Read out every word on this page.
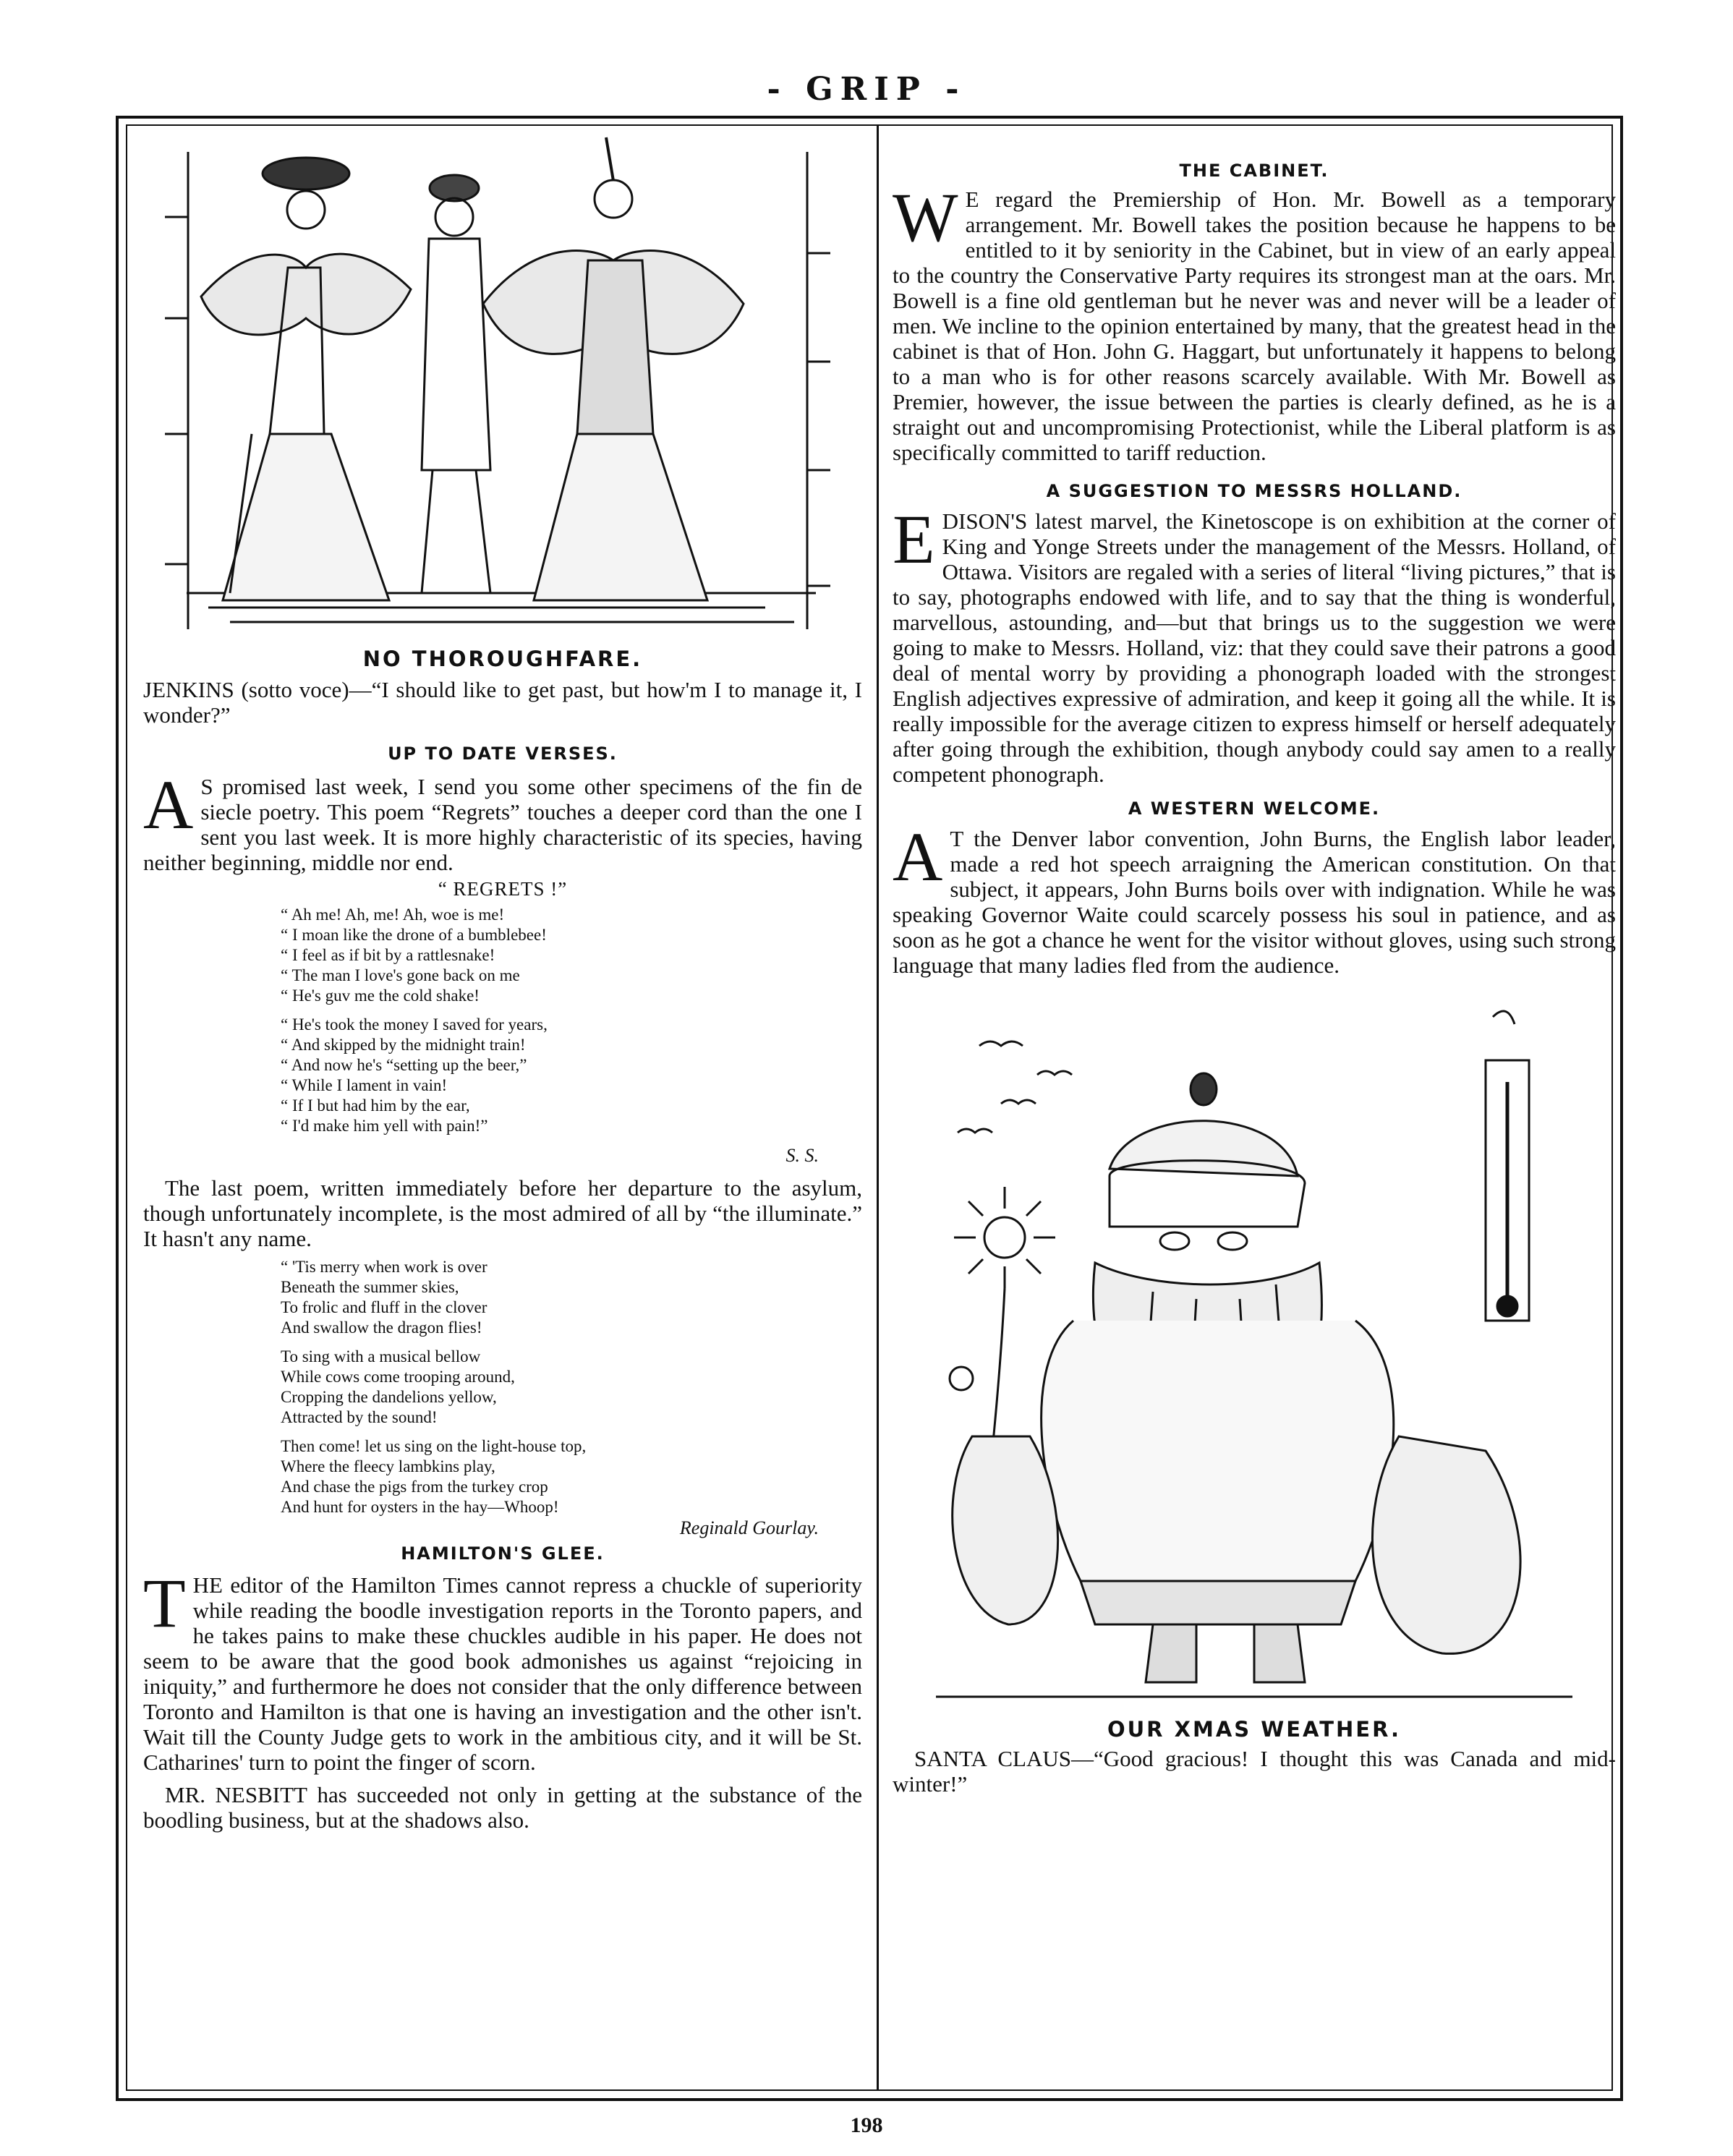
- GRIP -

NO THOROUGHFARE.

JENKINS (sotto voce)—“I should like to get past, but how'm I to manage it, I wonder?”

UP TO DATE VERSES.

A S promised last week, I send you some other specimens of the fin de siecle poetry. This poem “Regrets” touches a deeper cord than the one I sent you last week. It is more highly characteristic of its species, having neither beginning, middle nor end.

“ REGRETS !”
“ Ah me! Ah, me! Ah, woe is me!
“ I moan like the drone of a bumblebee!
“ I feel as if bit by a rattlesnake!
“ The man I love's gone back on me
“ He's guv me the cold shake!
“ He's took the money I saved for years,
“ And skipped by the midnight train!
“ And now he's “setting up the beer,”
“ While I lament in vain!
“ If I but had him by the ear,
“ I'd make him yell with pain!”
S. S.

The last poem, written immediately before her departure to the asylum, though unfortunately incomplete, is the most admired of all by “the illuminate.” It hasn't any name.

“ 'Tis merry when work is over
Beneath the summer skies,
To frolic and fluff in the clover
And swallow the dragon flies!
To sing with a musical bellow
While cows come trooping around,
Cropping the dandelions yellow,
Attracted by the sound!
Then come! let us sing on the light-house top,
Where the fleecy lambkins play,
And chase the pigs from the turkey crop
And hunt for oysters in the hay—Whoop!
Reginald Gourlay.

HAMILTON'S GLEE.

THE editor of the Hamilton Times cannot repress a chuckle of superiority while reading the boodle investigation reports in the Toronto papers, and he takes pains to make these chuckles audible in his paper. He does not seem to be aware that the good book admonishes us against “rejoicing in iniquity,” and furthermore he does not consider that the only difference between Toronto and Hamilton is that one is having an investigation and the other isn't. Wait till the County Judge gets to work in the ambitious city, and it will be St. Catharines' turn to point the finger of scorn.

MR. NESBITT has succeeded not only in getting at the substance of the boodling business, but at the shadows also.

THE CABINET.

W E regard the Premiership of Hon. Mr. Bowell as a temporary arrangement. Mr. Bowell takes the position because he happens to be entitled to it by seniority in the Cabinet, but in view of an early appeal to the country the Conservative Party requires its strongest man at the oars. Mr. Bowell is a fine old gentleman but he never was and never will be a leader of men. We incline to the opinion entertained by many, that the greatest head in the cabinet is that of Hon. John G. Haggart, but unfortunately it happens to belong to a man who is for other reasons scarcely available. With Mr. Bowell as Premier, however, the issue between the parties is clearly defined, as he is a straight out and uncompromising Protectionist, while the Liberal platform is as specifically committed to tariff reduction.

A SUGGESTION TO MESSRS HOLLAND.

EDISON'S latest marvel, the Kinetoscope is on exhibition at the corner of King and Yonge Streets under the management of the Messrs. Holland, of Ottawa. Visitors are regaled with a series of literal “living pictures,” that is to say, photographs endowed with life, and to say that the thing is wonderful, marvellous, astounding, and—but that brings us to the suggestion we were going to make to Messrs. Holland, viz: that they could save their patrons a good deal of mental worry by providing a phonograph loaded with the strongest English adjectives expressive of admiration, and keep it going all the while. It is really impossible for the average citizen to express himself or herself adequately after going through the exhibition, though anybody could say amen to a really competent phonograph.

A WESTERN WELCOME.

A T the Denver labor convention, John Burns, the English labor leader, made a red hot speech arraigning the American constitution. On that subject, it appears, John Burns boils over with indignation. While he was speaking Governor Waite could scarcely possess his soul in patience, and as soon as he got a chance he went for the visitor without gloves, using such strong language that many ladies fled from the audience.

OUR XMAS WEATHER.

SANTA CLAUS—“Good gracious! I thought this was Canada and mid-winter!”

198
